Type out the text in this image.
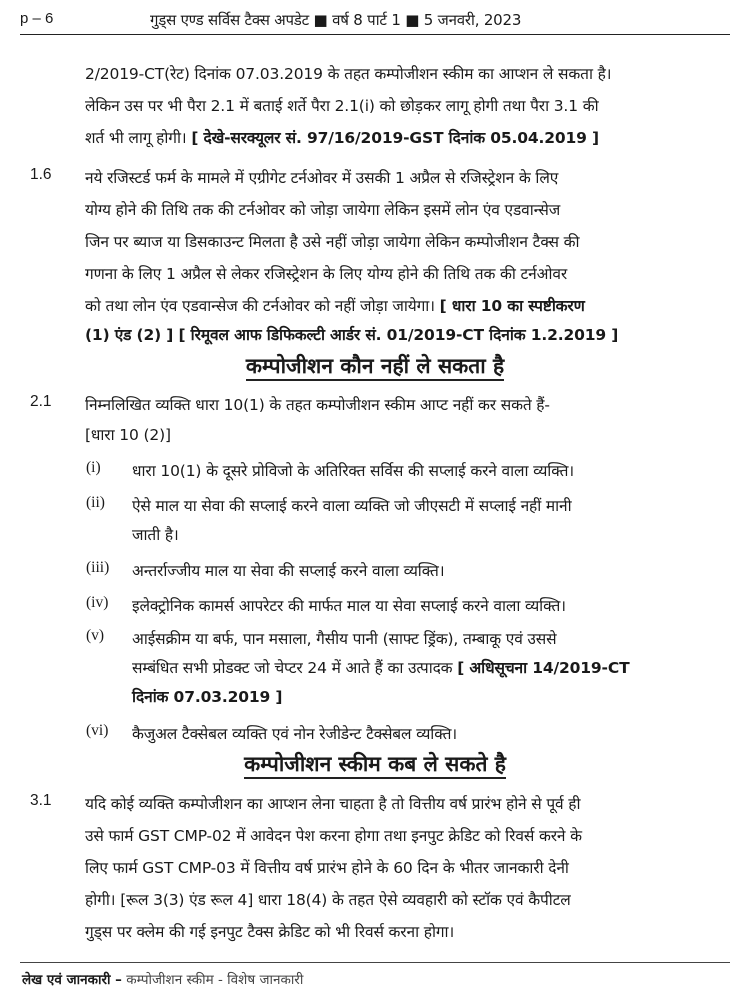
p – 6	गुड्स एण्ड सर्विस टैक्स अपडेट ■ वर्ष 8 पार्ट 1 ■ 5 जनवरी, 2023
2/2019-CT(रेट) दिनांक 07.03.2019 के तहत कम्पोजीशन स्कीम का आप्शन ले सकता है।
लेकिन उस पर भी पैरा 2.1 में बताई शर्ते पैरा 2.1(i) को छोड़कर लागू होगी तथा पैरा 3.1 की
शर्त भी लागू होगी। [ देखे-सरक्यूलर सं. 97/16/2019-GST दिनांक 05.04.2019 ]
1.6 नये रजिस्टर्ड फर्म के मामले में एग्रीगेट टर्नओवर में उसकी 1 अप्रैल से रजिस्ट्रेशन के लिए
योग्य होने की तिथि तक की टर्नओवर को जोड़ा जायेगा लेकिन इसमें लोन एंव एडवान्सेज
जिन पर ब्याज या डिसकाउन्ट मिलता है उसे नहीं जोड़ा जायेगा लेकिन कम्पोजीशन टैक्स की
गणना के लिए 1 अप्रैल से लेकर रजिस्ट्रेशन के लिए योग्य होने की तिथि तक की टर्नओवर
को तथा लोन एंव एडवान्सेज की टर्नओवर को नहीं जोड़ा जायेगा। [ धारा 10 का स्पष्टीकरण
(1) एंड (2) ] [ रिमूवल आफ डिफिकल्टी आर्डर सं. 01/2019-CT दिनांक 1.2.2019 ]
कम्पोजीशन कौन नहीं ले सकता है
2.1 निम्नलिखित व्यक्ति धारा 10(1) के तहत कम्पोजीशन स्कीम आप्ट नहीं कर सकते हैं-
[धारा 10 (2)]
(i) धारा 10(1) के दूसरे प्रोविजो के अतिरिक्त सर्विस की सप्लाई करने वाला व्यक्ति।
(ii) ऐसे माल या सेवा की सप्लाई करने वाला व्यक्ति जो जीएसटी में सप्लाई नहीं मानी
जाती है।
(iii) अन्तर्राज्जीय माल या सेवा की सप्लाई करने वाला व्यक्ति।
(iv) इलेक्ट्रोनिक कामर्स आपरेटर की मार्फत माल या सेवा सप्लाई करने वाला व्यक्ति।
(v) आईसक्रीम या बर्फ, पान मसाला, गैसीय पानी (साफ्ट ड्रिंक), तम्बाकू एवं उससे
सम्बंधित सभी प्रोडक्ट जो चेप्टर 24 में आते हैं का उत्पादक [ अधिसूचना 14/2019-CT
दिनांक 07.03.2019 ]
(vi) कैजुअल टैक्सेबल व्यक्ति एवं नोन रेजीडेन्ट टैक्सेबल व्यक्ति।
कम्पोजीशन स्कीम कब ले सकते है
3.1 यदि कोई व्यक्ति कम्पोजीशन का आप्शन लेना चाहता है तो वित्तीय वर्ष प्रारंभ होने से पूर्व ही
उसे फार्म GST CMP-02 में आवेदन पेश करना होगा तथा इनपुट क्रेडिट को रिवर्स करने के
लिए फार्म GST CMP-03 में वित्तीय वर्ष प्रारंभ होने के 60 दिन के भीतर जानकारी देनी
होगी। [रूल 3(3) एंड रूल 4] धारा 18(4) के तहत ऐसे व्यवहारी को स्टॉक एवं कैपीटल
गुड्स पर क्लेम की गई इनपुट टैक्स क्रेडिट को भी रिवर्स करना होगा।
लेख एवं जानकारी – कम्पोजीशन स्कीम - विशेष जानकारी
